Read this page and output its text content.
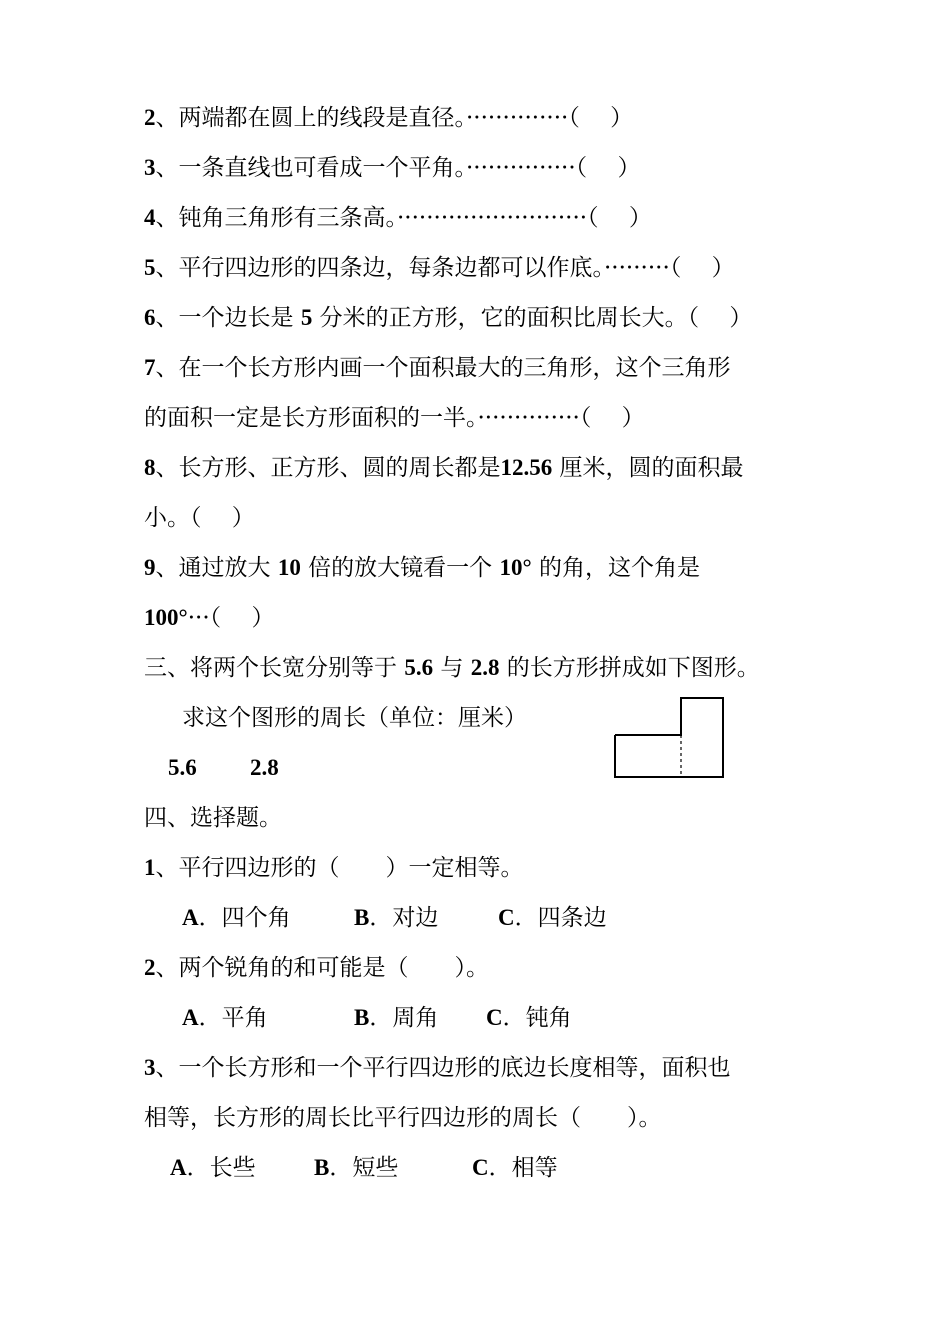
2、两端都在圆上的线段是直径。··············（　 ）
3、一条直线也可看成一个平角。···············（　 ）
4、钝角三角形有三条高。··························（　 ）
5、平行四边形的四条边，每条边都可以作底。·········（　 ）
6、一个边长是 5 分米的正方形，它的面积比周长大。（　 ）
7、在一个长方形内画一个面积最大的三角形，这个三角形
的面积一定是长方形面积的一半。··············（　 ）
8、长方形、正方形、圆的周长都是12.56 厘米，圆的面积最
小。（　 ）
9、通过放大 10 倍的放大镜看一个 10° 的角，这个角是
100°···（　 ）
三、将两个长宽分别等于 5.6 与 2.8 的长方形拼成如下图形。
求这个图形的周长（单位：厘米）
5.6 2.8
四、选择题。
1、平行四边形的（　　）一定相等。
A．四个角	B．对边	C．四条边
2、两个锐角的和可能是（　　）。
A．平角	B．周角 C．钝角
3、一个长方形和一个平行四边形的底边长度相等，面积也
相等，长方形的周长比平行四边形的周长（　　）。
A．长些	B．短些	C．相等
